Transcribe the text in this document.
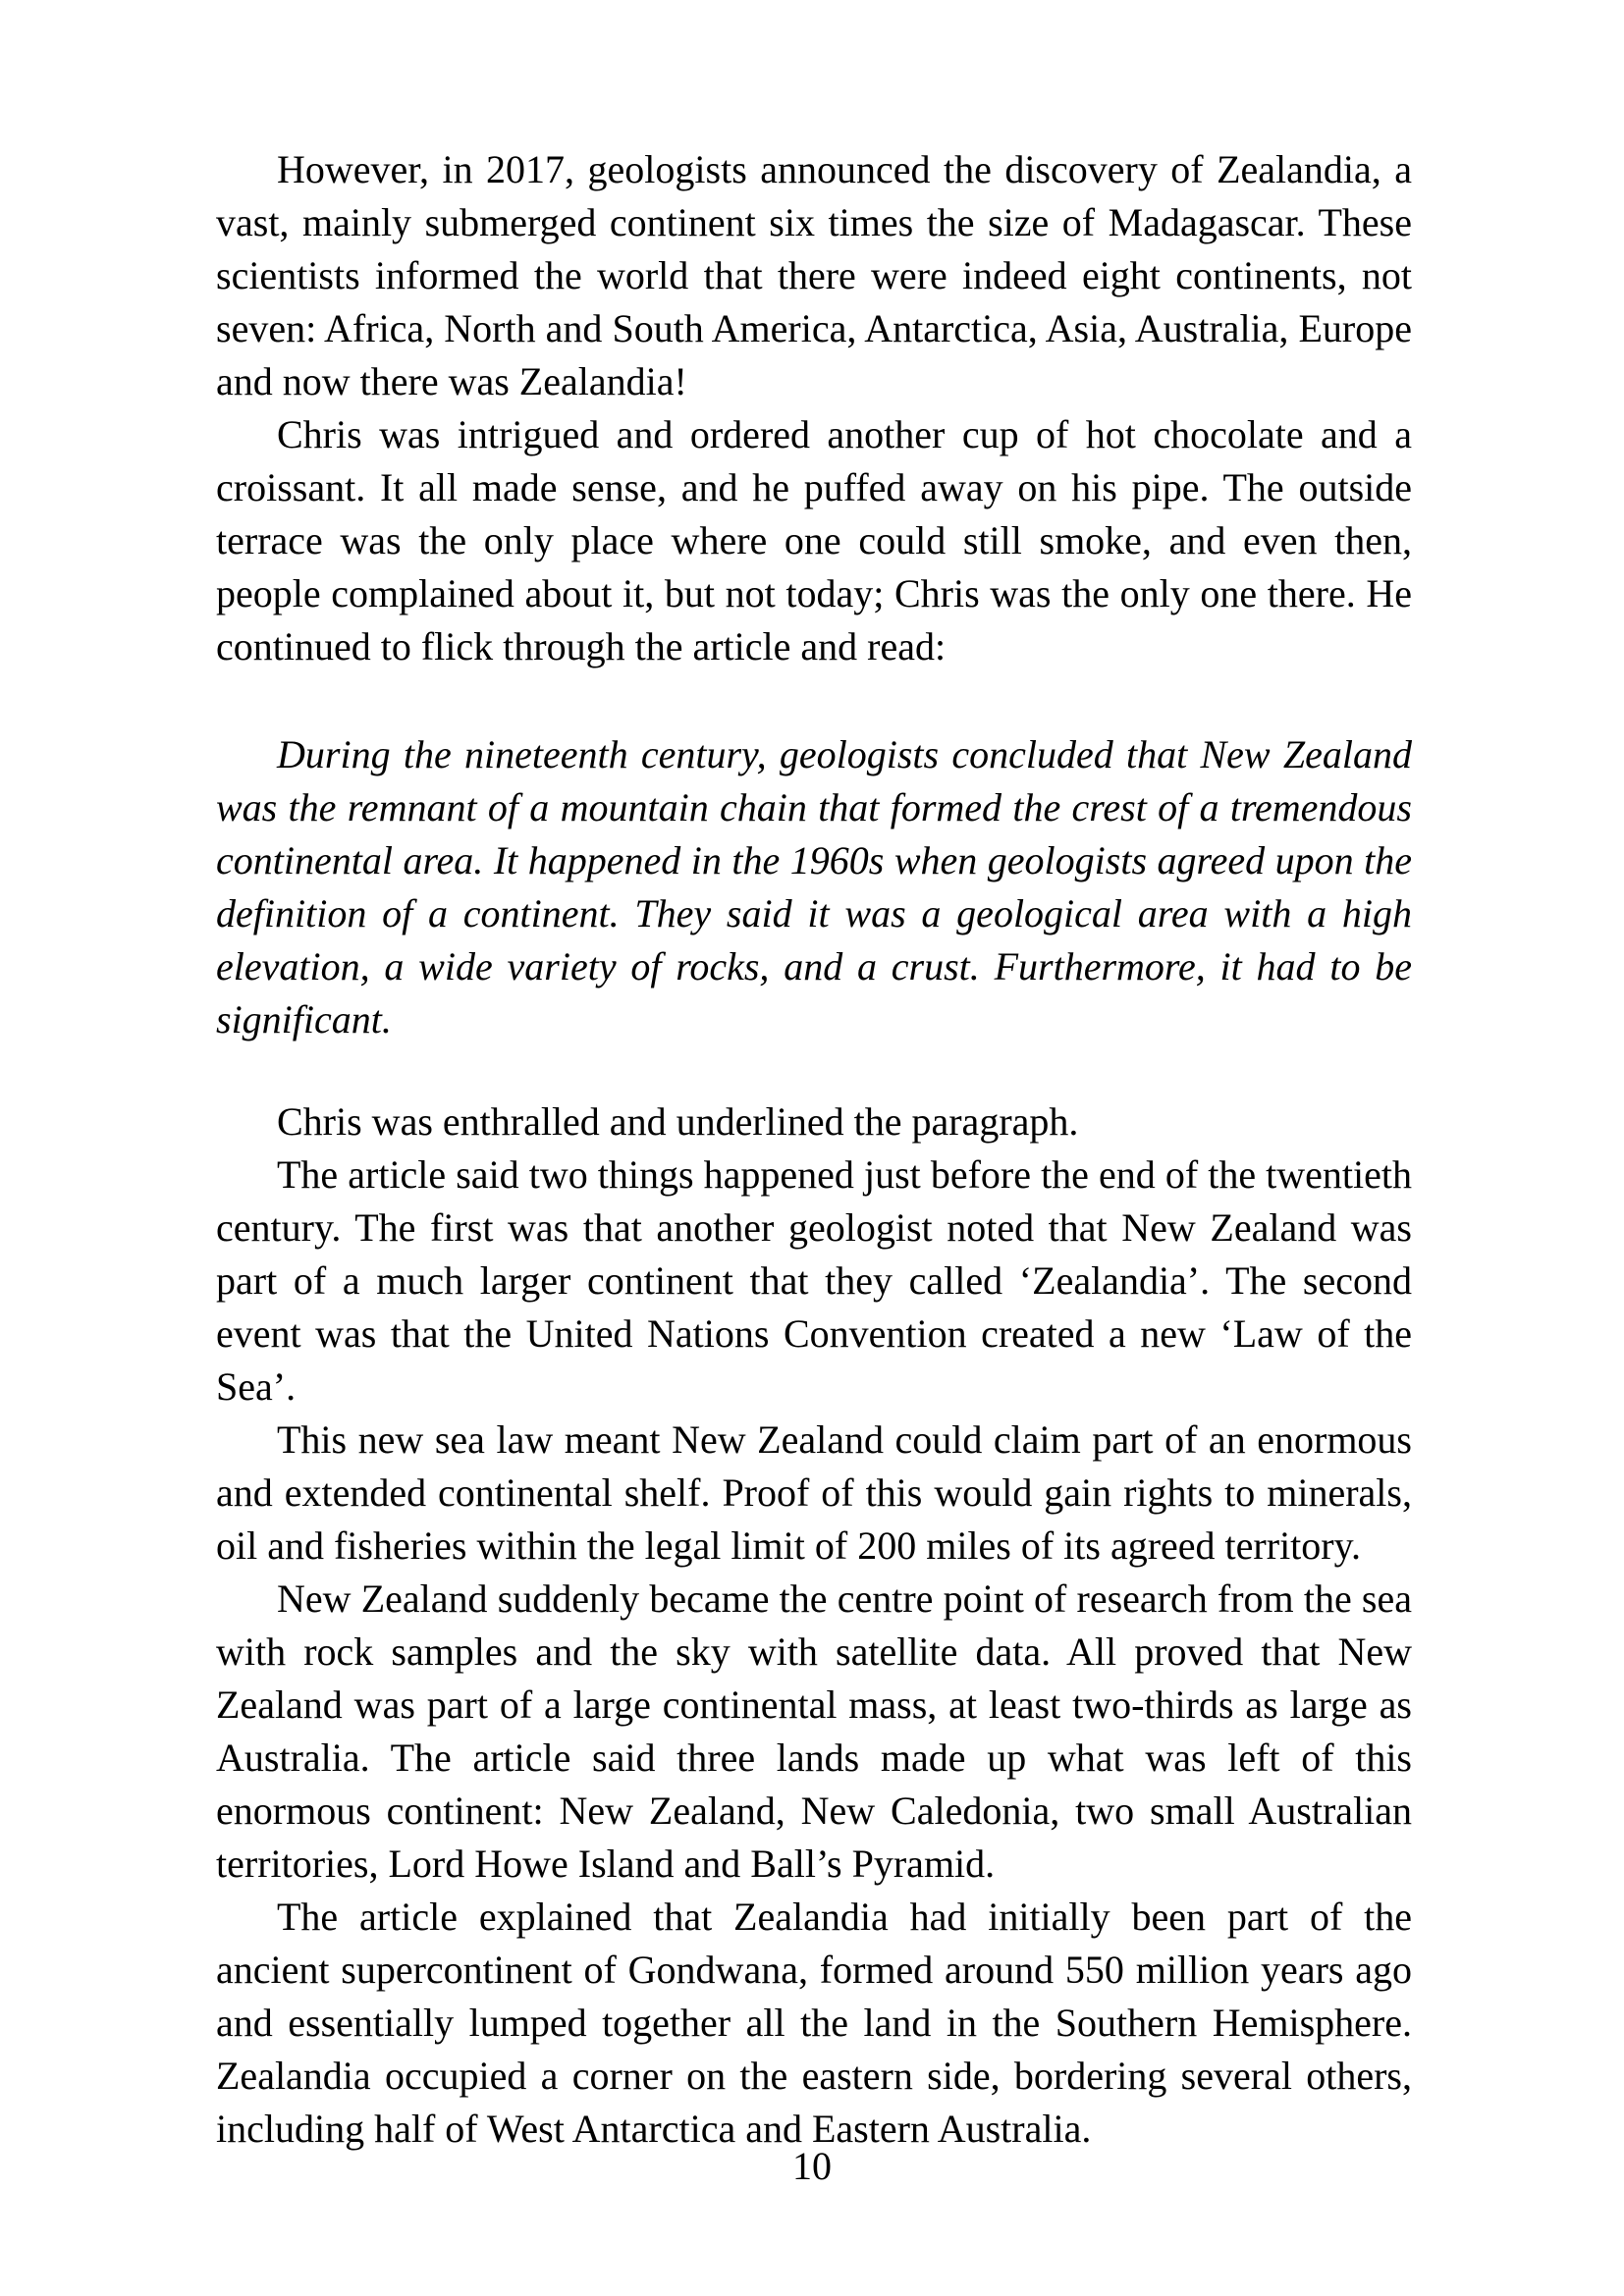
However, in 2017, geologists announced the discovery of Zealandia, a vast, mainly submerged continent six times the size of Madagascar. These scientists informed the world that there were indeed eight continents, not seven: Africa, North and South America, Antarctica, Asia, Australia, Europe and now there was Zealandia!

Chris was intrigued and ordered another cup of hot chocolate and a croissant. It all made sense, and he puffed away on his pipe. The outside terrace was the only place where one could still smoke, and even then, people complained about it, but not today; Chris was the only one there. He continued to flick through the article and read:

During the nineteenth century, geologists concluded that New Zealand was the remnant of a mountain chain that formed the crest of a tremendous continental area. It happened in the 1960s when geologists agreed upon the definition of a continent. They said it was a geological area with a high elevation, a wide variety of rocks, and a crust. Furthermore, it had to be significant.

Chris was enthralled and underlined the paragraph.

The article said two things happened just before the end of the twentieth century. The first was that another geologist noted that New Zealand was part of a much larger continent that they called ‘Zealandia’. The second event was that the United Nations Convention created a new ‘Law of the Sea’.

This new sea law meant New Zealand could claim part of an enormous and extended continental shelf. Proof of this would gain rights to minerals, oil and fisheries within the legal limit of 200 miles of its agreed territory.

New Zealand suddenly became the centre point of research from the sea with rock samples and the sky with satellite data. All proved that New Zealand was part of a large continental mass, at least two-thirds as large as Australia. The article said three lands made up what was left of this enormous continent: New Zealand, New Caledonia, two small Australian territories, Lord Howe Island and Ball’s Pyramid.

The article explained that Zealandia had initially been part of the ancient supercontinent of Gondwana, formed around 550 million years ago and essentially lumped together all the land in the Southern Hemisphere. Zealandia occupied a corner on the eastern side, bordering several others, including half of West Antarctica and Eastern Australia.

10
